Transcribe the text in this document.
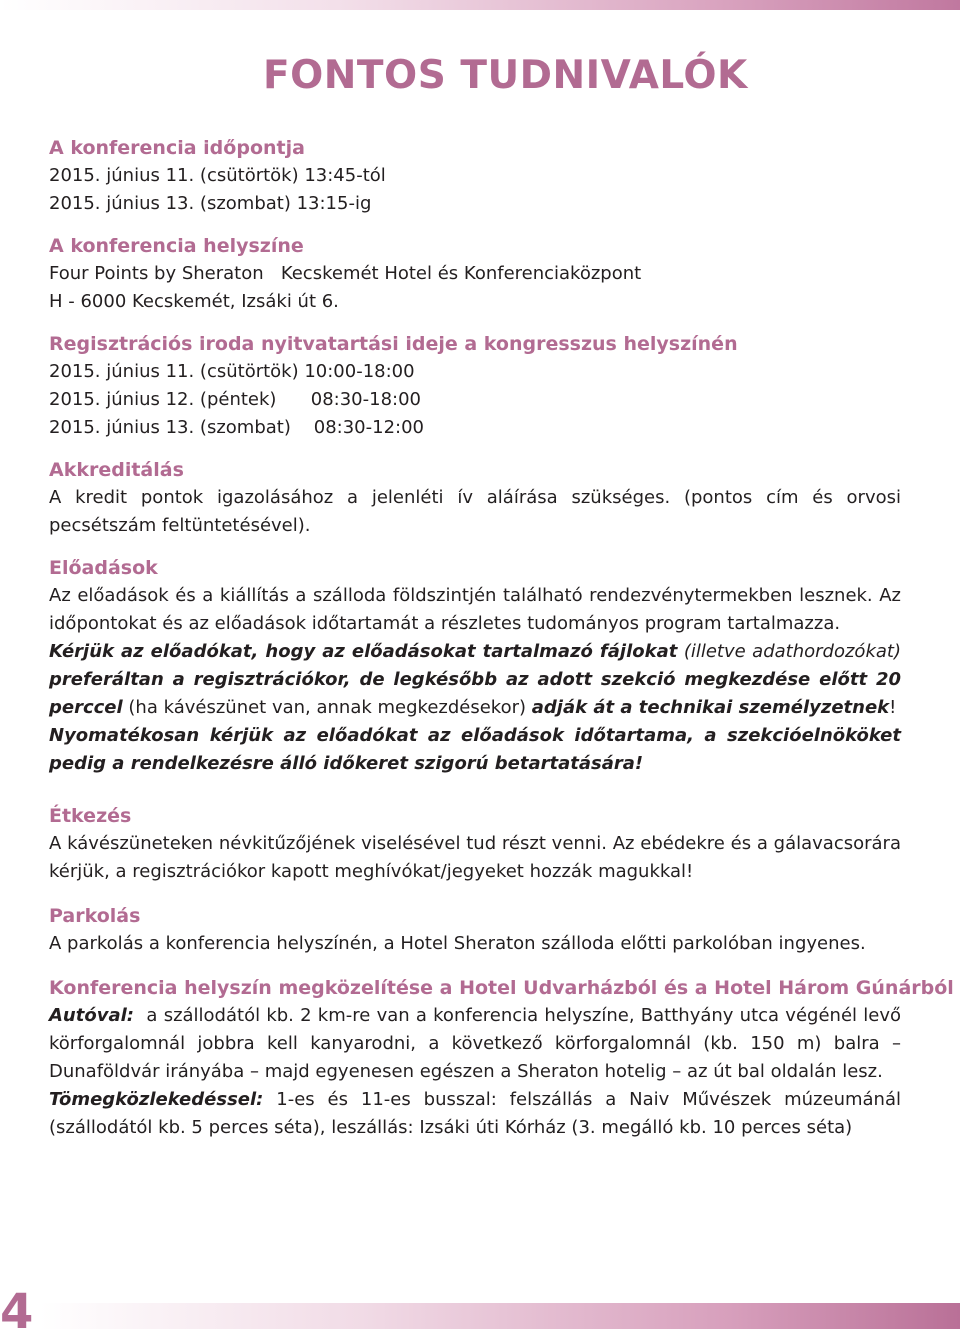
FONTOS TUDNIVALÓK
A konferencia időpontja
2015. június 11. (csütörtök) 13:45-tól
2015. június 13. (szombat) 13:15-ig
A konferencia helyszíne
Four Points by Sheraton   Kecskemét Hotel és Konferenciaközpont
H - 6000 Kecskemét, Izsáki út 6.
Regisztrációs iroda nyitvatartási ideje a kongresszus helyszínén
2015. június 11. (csütörtök) 10:00-18:00
2015. június 12. (péntek)      08:30-18:00
2015. június 13. (szombat)    08:30-12:00
Akkreditálás
A kredit pontok igazolásához a jelenléti ív aláírása szükséges. (pontos cím és orvosi pecsétszám feltüntetésével).
Előadások
Az előadások és a kiállítás a szálloda földszintjén található rendezvénytermekben lesznek. Az időpontokat és az előadások időtartamát a részletes tudományos program tartalmazza.
Kérjük az előadókat, hogy az előadásokat tartalmazó fájlokat (illetve adathordozókat) preferáltan a regisztrációkor, de legkésőbb az adott szekció megkezdése előtt 20 perccel (ha kávészünet van, annak megkezdésekor) adják át a technikai személyzetnek!
Nyomatékosan kérjük az előadókat az előadások időtartama, a szekcióelnököket pedig a rendelkezésre álló időkeret szigorú betartatására!
Étkezés
A kávészüneteken névkitűzőjének viselésével tud részt venni. Az ebédekre és a gálavacsorára kérjük, a regisztrációkor kapott meghívókat/jegyeket hozzák magukkal!
Parkolás
A parkolás a konferencia helyszínén, a Hotel Sheraton szálloda előtti parkolóban ingyenes.
Konferencia helyszín megközelítése a Hotel Udvarházból és a Hotel Három Gúnárból
Autóval:  a szállodától kb. 2 km-re van a konferencia helyszíne, Batthyány utca végénél levő körforgalomnál jobbra kell kanyarodni, a következő körforgalomnál (kb. 150 m) balra – Dunaföldvár irányába – majd egyenesen egészen a Sheraton hotelig – az út bal oldalán lesz.
Tömegközlekedéssel: 1-es és 11-es busszal: felszállás a Naiv Művészek múzeumánál (szállodától kb. 5 perces séta), leszállás: Izsáki úti Kórház (3. megálló kb. 10 perces séta)
4
